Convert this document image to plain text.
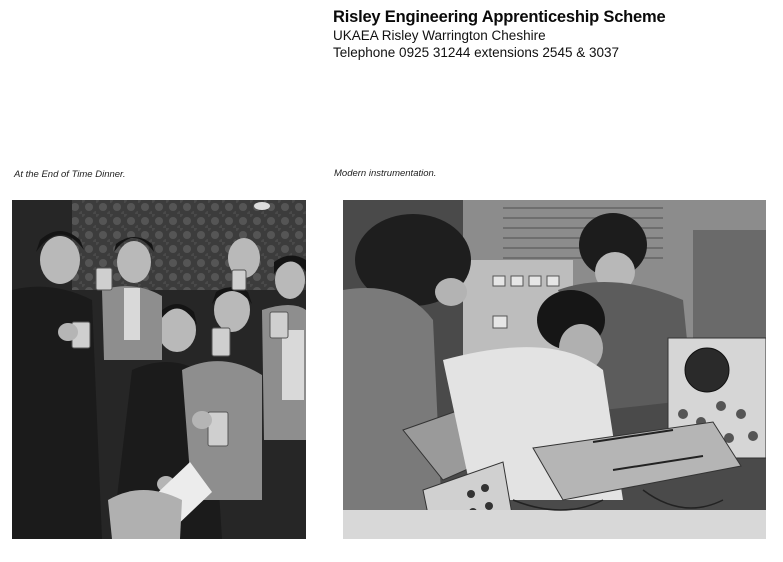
Risley Engineering Apprenticeship Scheme
UKAEA Risley Warrington Cheshire
Telephone 0925 31244 extensions 2545 & 3037
At the End of Time Dinner.	Modern instrumentation.
